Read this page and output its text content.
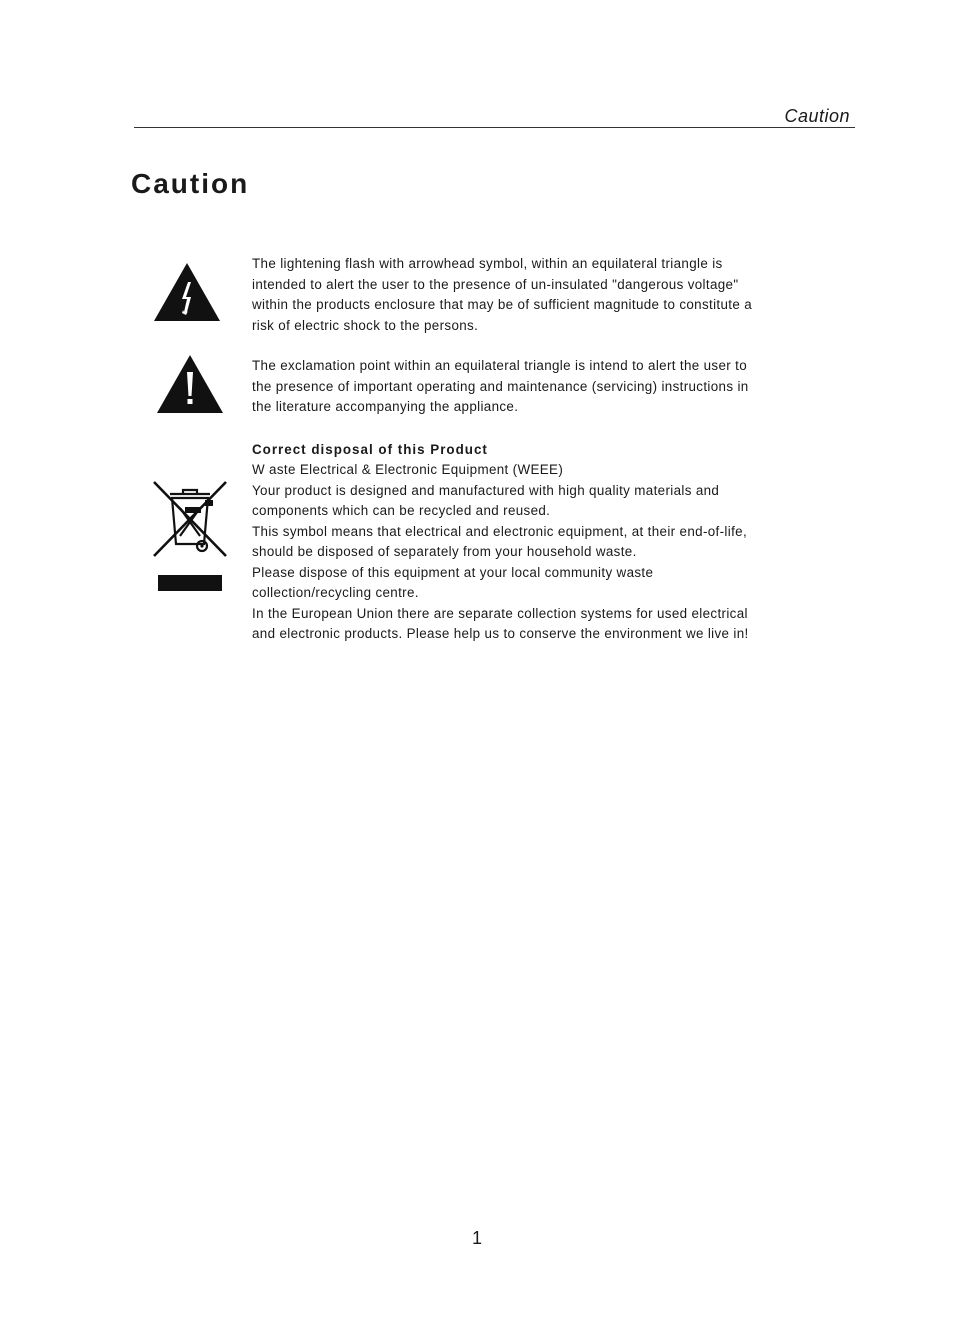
Caution
Caution

The lightening flash with arrowhead symbol, within an equilateral triangle is
intended to alert the user to the presence of un-insulated "dangerous voltage"
within the products enclosure that may be of sufficient magnitude to constitute a
risk of electric shock to the persons.

The exclamation point within an equilateral triangle is intend to alert the user to
the presence of important operating and maintenance (servicing) instructions in
the literature accompanying the appliance.

Correct disposal of this Product

W aste Electrical & Electronic Equipment (WEEE)
Your product is designed and manufactured with high quality materials and
components which can be recycled and reused.
This symbol means that electrical and electronic equipment, at their end-of-life,
should be disposed of separately from your household waste.
Please dispose of this equipment at your local community waste
collection/recycling centre.
In the European Union there are separate collection systems for used electrical
and electronic products. Please help us to conserve the environment we live in!

1
